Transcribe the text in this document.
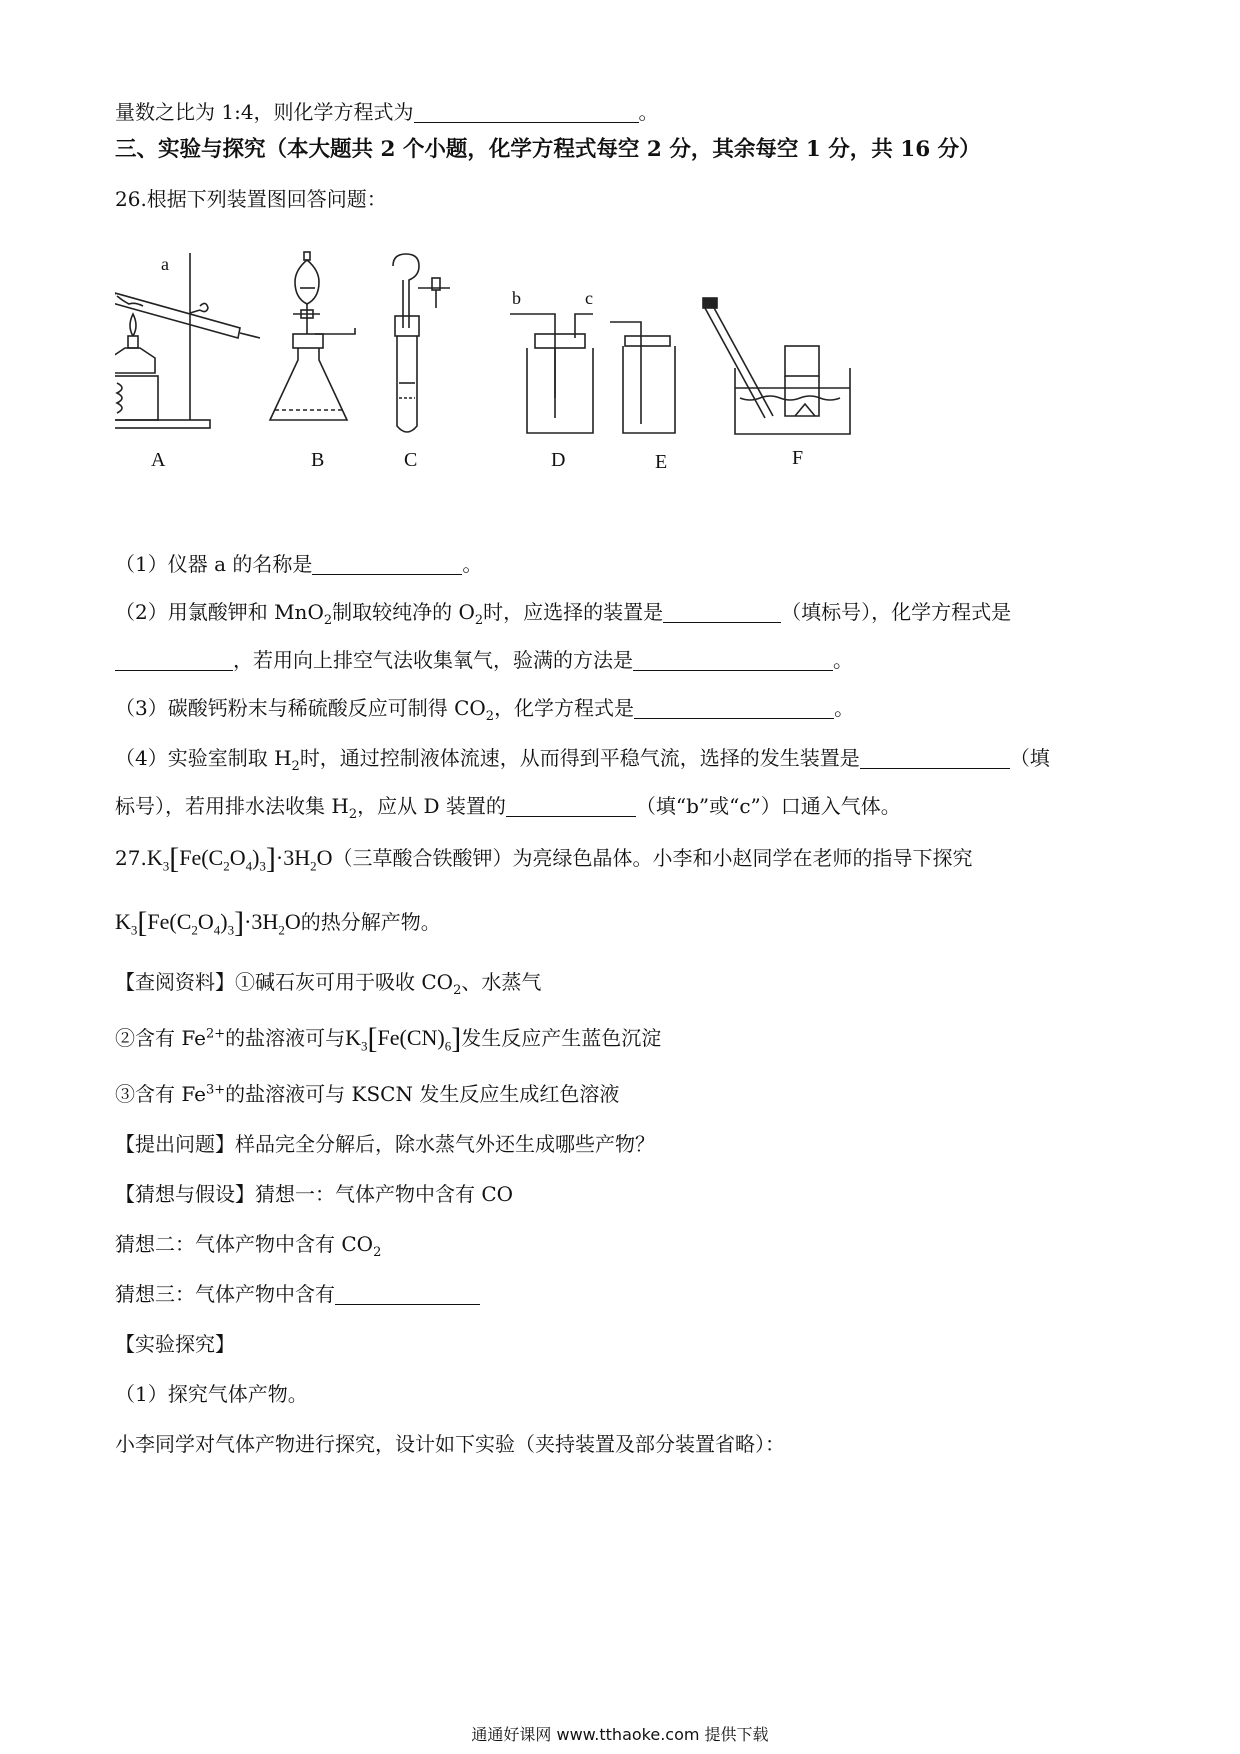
量数之比为 1:4，则化学方程式为	。
三、实验与探究（本大题共 2 个小题，化学方程式每空 2 分，其余每空 1 分，共 16 分）
26.根据下列装置图回答问题：
a
b	c
A	B	C	D	E	F
（1）仪器 a 的名称是	。
（2）用氯酸钾和 MnO$_2$制取较纯净的 $O_2$时，应选择的装置是	（填标号），化学方程式是
，若用向上排空气法收集氧气，验满的方法是	。
（3）碳酸钙粉末与稀硫酸反应可制得 $CO_2$，化学方程式是	。
（4）实验室制取 $H_2$时，通过控制液体流速，从而得到平稳气流，选择的发生装置是	（填
标号），若用排水法收集 $H_2$，应从 D 装置的	（填“b”或“c”）口通入气体。
$27.K_3[Fe(C_2O_4)_3]\cdot 3H_2O$（三草酸合铁酸钾）为亮绿色晶体。小李和小赵同学在老师的指导下探究
$K_3[Fe(C_2O_4)_3]\cdot 3H_2O$的热分解产物。
【查阅资料】①碱石灰可用于吸收 $CO_2$、水蒸气
②含有 $Fe^{2+}$的盐溶液可与$K_3[Fe(CN)_6]$发生反应产生蓝色沉淀
③含有 $Fe^{3+}$的盐溶液可与 KSCN 发生反应生成红色溶液
【提出问题】样品完全分解后，除水蒸气外还生成哪些产物？
【猜想与假设】猜想一：气体产物中含有 CO
猜想二：气体产物中含有 $CO_2$
猜想三：气体产物中含有
【实验探究】
（1）探究气体产物。
小李同学对气体产物进行探究，设计如下实验（夹持装置及部分装置省略）：
通通好课网 www.tthaoke.com 提供下载
